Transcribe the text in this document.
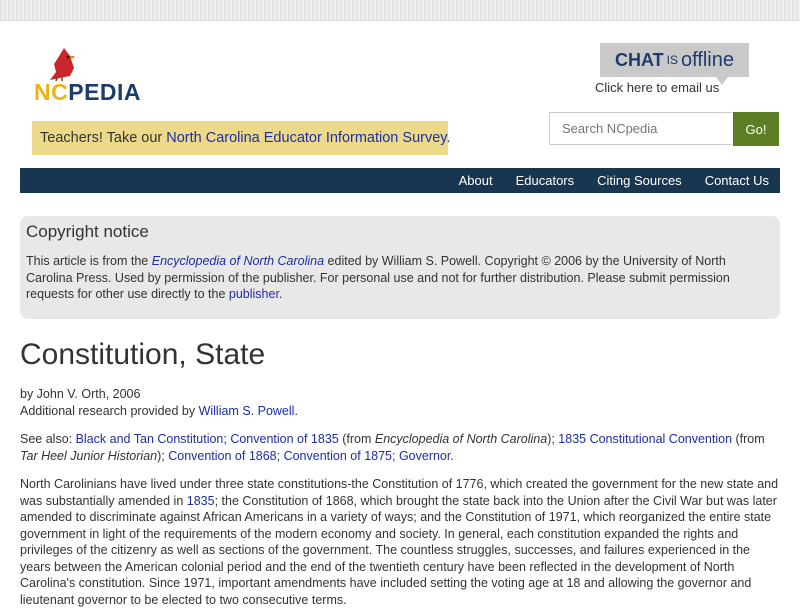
NCPEDIA
CHAT IS offline
Click here to email us
Search NCpedia
Go!
Teachers! Take our North Carolina Educator Information Survey.
About Educators Citing Sources Contact Us
Copyright notice

This article is from the Encyclopedia of North Carolina edited by William S. Powell. Copyright © 2006 by the University of North Carolina Press. Used by permission of the publisher. For personal use and not for further distribution. Please submit permission requests for other use directly to the publisher.

Constitution, State
by John V. Orth, 2006
Additional research provided by William S. Powell.
See also: Black and Tan Constitution; Convention of 1835 (from Encyclopedia of North Carolina); 1835 Constitutional Convention (from Tar Heel Junior Historian); Convention of 1868; Convention of 1875; Governor.

North Carolinians have lived under three state constitutions-the Constitution of 1776, which created the government for the new state and was substantially amended in 1835; the Constitution of 1868, which brought the state back into the Union after the Civil War but was later amended to discriminate against African Americans in a variety of ways; and the Constitution of 1971, which reorganized the entire state government in light of the requirements of the modern economy and society. In general, each constitution expanded the rights and privileges of the citizenry as well as sections of the government. The countless struggles, successes, and failures experienced in the years between the American colonial period and the end of the twentieth century have been reflected in the development of North Carolina's constitution. Since 1971, important amendments have included setting the voting age at 18 and allowing the governor and lieutenant governor to be elected to two consecutive terms.
